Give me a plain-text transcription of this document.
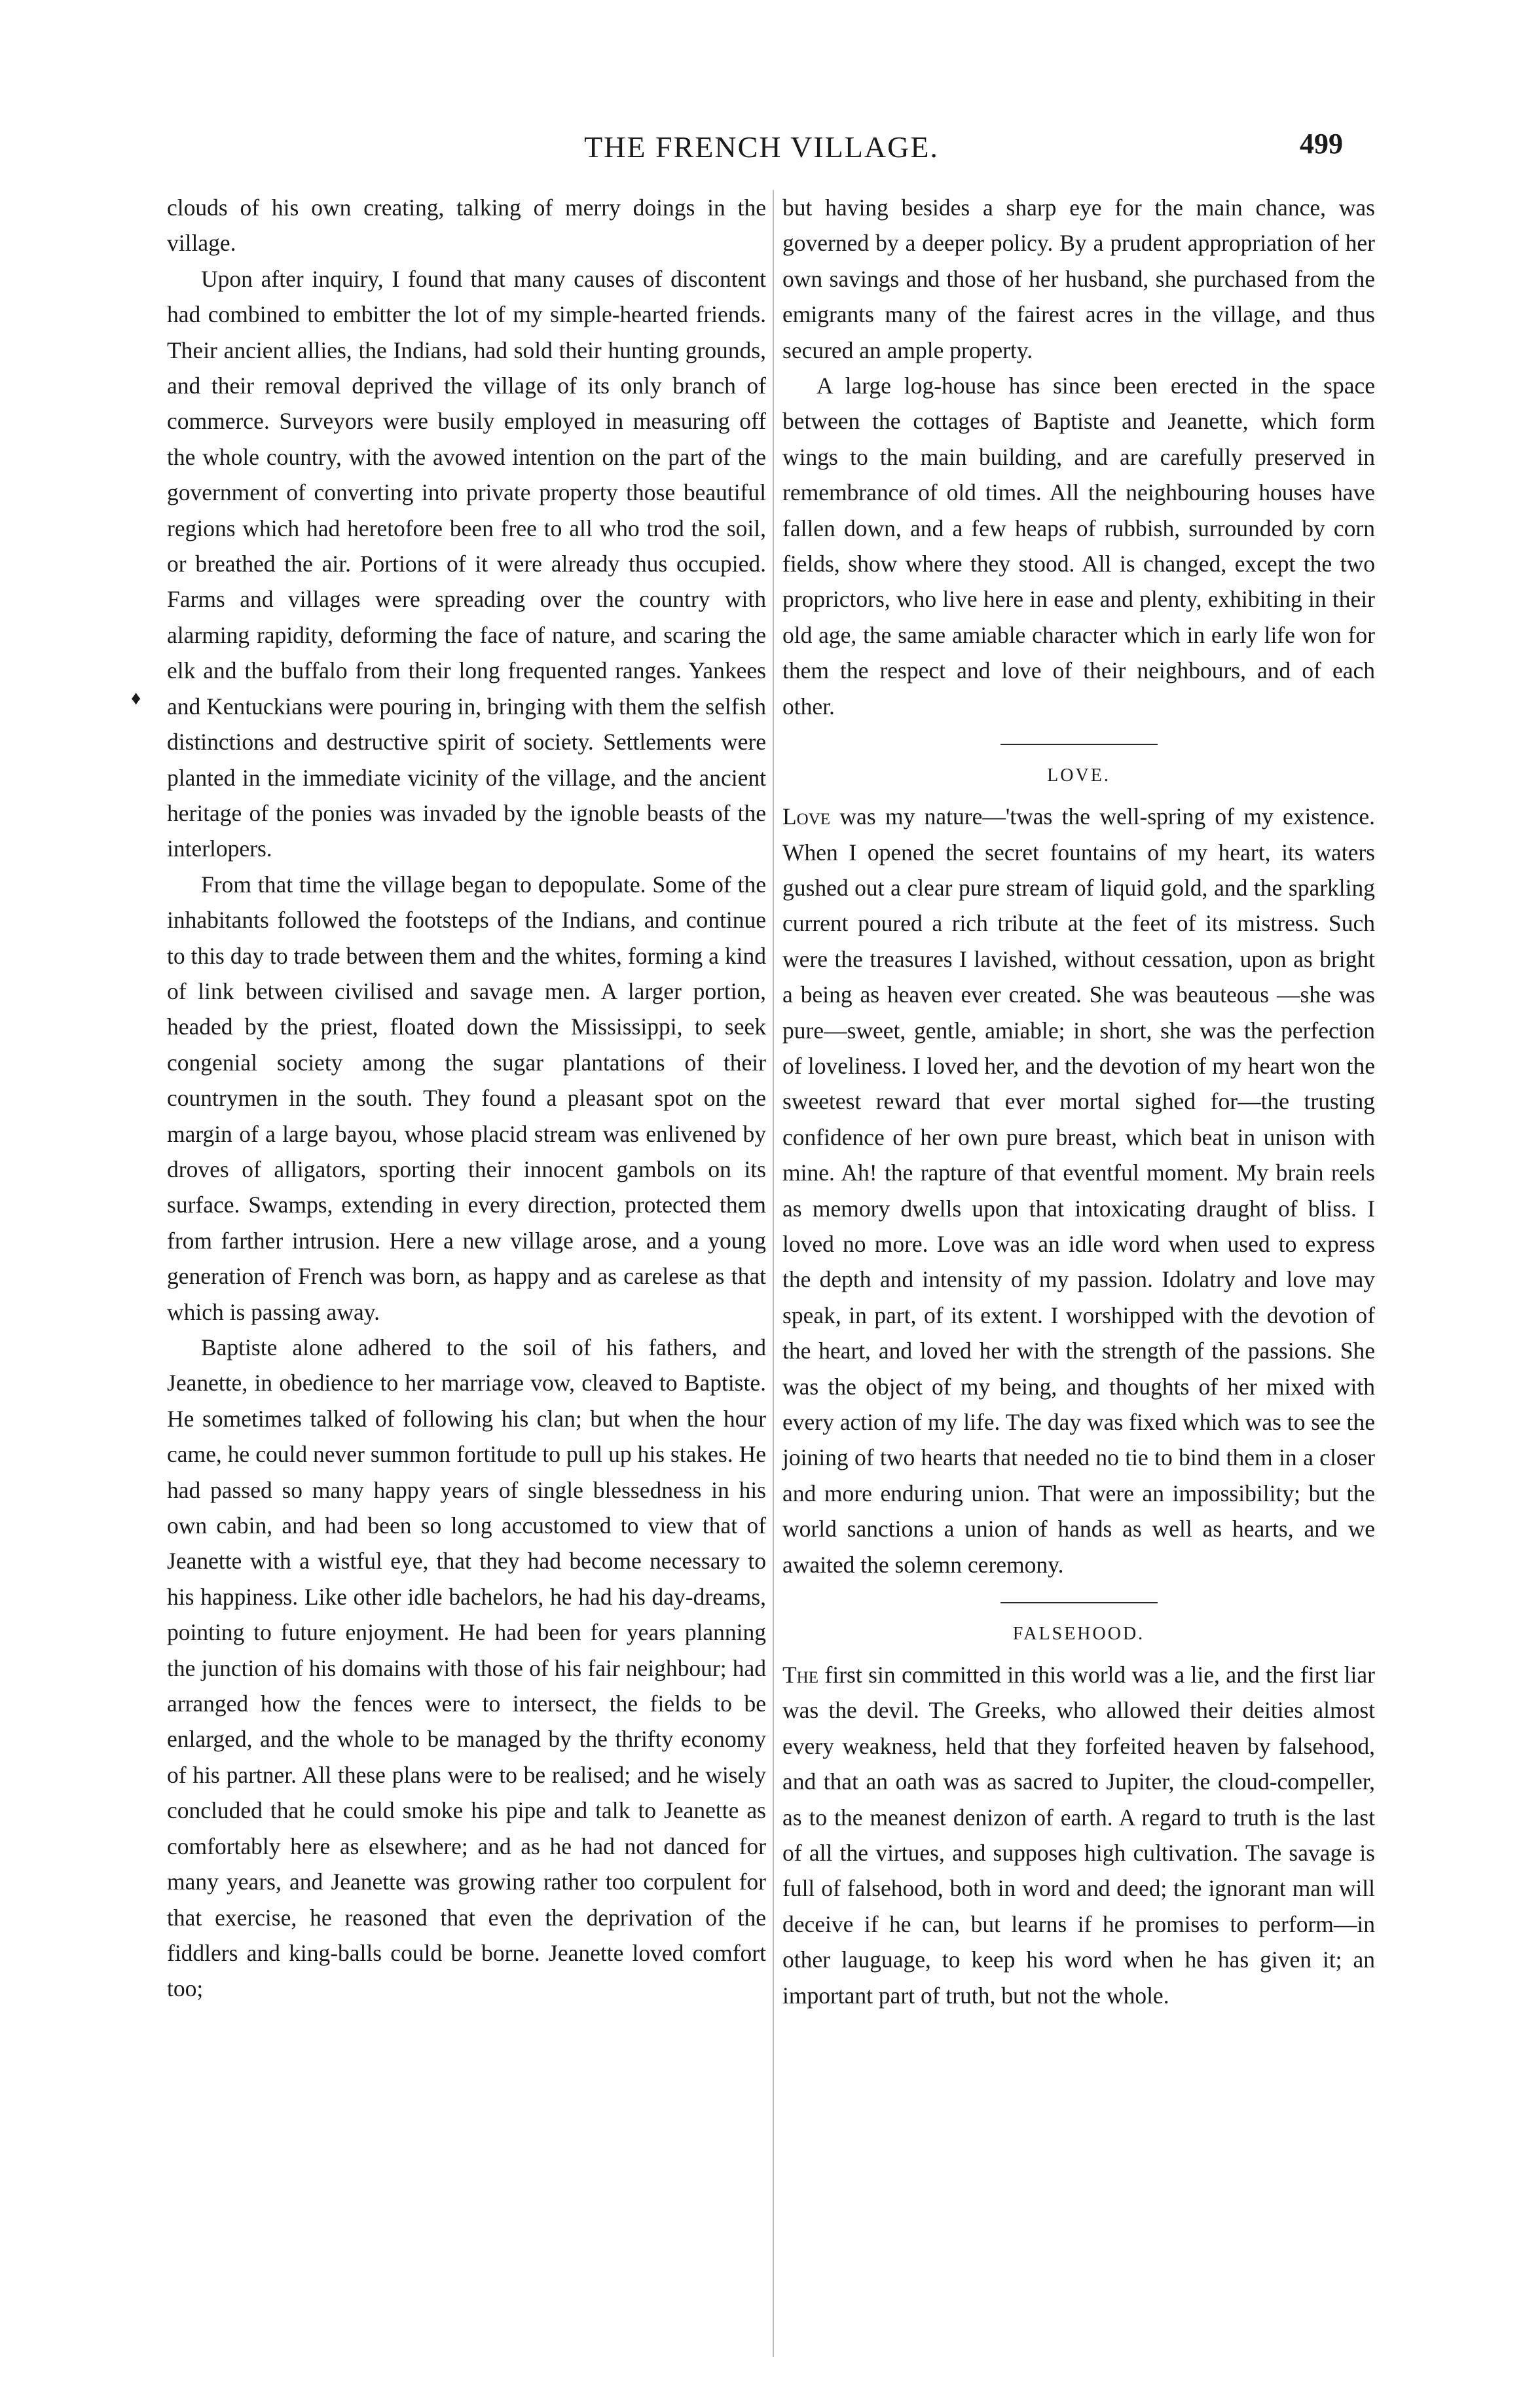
THE FRENCH VILLAGE.	499
♦

clouds of his own creating, talking of merry doings in the village.

Upon after inquiry, I found that many causes of discontent had combined to embitter the lot of my simple-hearted friends. Their ancient allies, the Indians, had sold their hunting grounds, and their removal deprived the village of its only branch of commerce. Surveyors were busily employed in measuring off the whole country, with the avowed intention on the part of the government of converting into private property those beautiful regions which had heretofore been free to all who trod the soil, or breathed the air. Portions of it were already thus occupied. Farms and villages were spreading over the country with alarming rapidity, deforming the face of nature, and scaring the elk and the buffalo from their long frequented ranges. Yankees and Kentuckians were pouring in, bringing with them the selfish distinctions and destructive spirit of society. Settlements were planted in the immediate vicinity of the village, and the ancient heritage of the ponies was invaded by the ignoble beasts of the interlopers.

From that time the village began to depopulate. Some of the inhabitants followed the footsteps of the Indians, and continue to this day to trade between them and the whites, forming a kind of link between civilised and savage men. A larger portion, headed by the priest, floated down the Mississippi, to seek congenial society among the sugar plantations of their countrymen in the south. They found a pleasant spot on the margin of a large bayou, whose placid stream was enlivened by droves of alligators, sporting their innocent gambols on its surface. Swamps, extending in every direction, protected them from farther intrusion. Here a new village arose, and a young generation of French was born, as happy and as carelese as that which is passing away.

Baptiste alone adhered to the soil of his fathers, and Jeanette, in obedience to her marriage vow, cleaved to Baptiste. He sometimes talked of following his clan; but when the hour came, he could never summon fortitude to pull up his stakes. He had passed so many happy years of single blessedness in his own cabin, and had been so long accustomed to view that of Jeanette with a wistful eye, that they had become necessary to his happiness. Like other idle bachelors, he had his day-dreams, pointing to future enjoyment. He had been for years planning the junction of his domains with those of his fair neighbour; had arranged how the fences were to intersect, the fields to be enlarged, and the whole to be managed by the thrifty economy of his partner. All these plans were to be realised; and he wisely concluded that he could smoke his pipe and talk to Jeanette as comfortably here as elsewhere; and as he had not danced for many years, and Jeanette was growing rather too corpulent for that exercise, he reasoned that even the deprivation of the fiddlers and king-balls could be borne. Jeanette loved comfort too;

but having besides a sharp eye for the main chance, was governed by a deeper policy. By a prudent appropriation of her own savings and those of her husband, she purchased from the emigrants many of the fairest acres in the village, and thus secured an ample property.

A large log-house has since been erected in the space between the cottages of Baptiste and Jeanette, which form wings to the main building, and are carefully preserved in remembrance of old times. All the neighbouring houses have fallen down, and a few heaps of rubbish, surrounded by corn fields, show where they stood. All is changed, except the two proprictors, who live here in ease and plenty, exhibiting in their old age, the same amiable character which in early life won for them the respect and love of their neighbours, and of each other.

LOVE.

Love was my nature—'twas the well-spring of my existence. When I opened the secret fountains of my heart, its waters gushed out a clear pure stream of liquid gold, and the sparkling current poured a rich tribute at the feet of its mistress. Such were the treasures I lavished, without cessation, upon as bright a being as heaven ever created. She was beauteous —she was pure—sweet, gentle, amiable; in short, she was the perfection of loveliness. I loved her, and the devotion of my heart won the sweetest reward that ever mortal sighed for—the trusting confidence of her own pure breast, which beat in unison with mine. Ah! the rapture of that eventful moment. My brain reels as memory dwells upon that intoxicating draught of bliss. I loved no more. Love was an idle word when used to express the depth and intensity of my passion. Idolatry and love may speak, in part, of its extent. I worshipped with the devotion of the heart, and loved her with the strength of the passions. She was the object of my being, and thoughts of her mixed with every action of my life. The day was fixed which was to see the joining of two hearts that needed no tie to bind them in a closer and more enduring union. That were an impossibility; but the world sanctions a union of hands as well as hearts, and we awaited the solemn ceremony.

FALSEHOOD.

The first sin committed in this world was a lie, and the first liar was the devil. The Greeks, who allowed their deities almost every weakness, held that they forfeited heaven by falsehood, and that an oath was as sacred to Jupiter, the cloud-compeller, as to the meanest denizon of earth. A regard to truth is the last of all the virtues, and supposes high cultivation. The savage is full of falsehood, both in word and deed; the ignorant man will deceive if he can, but learns if he promises to perform—in other lauguage, to keep his word when he has given it; an important part of truth, but not the whole.
